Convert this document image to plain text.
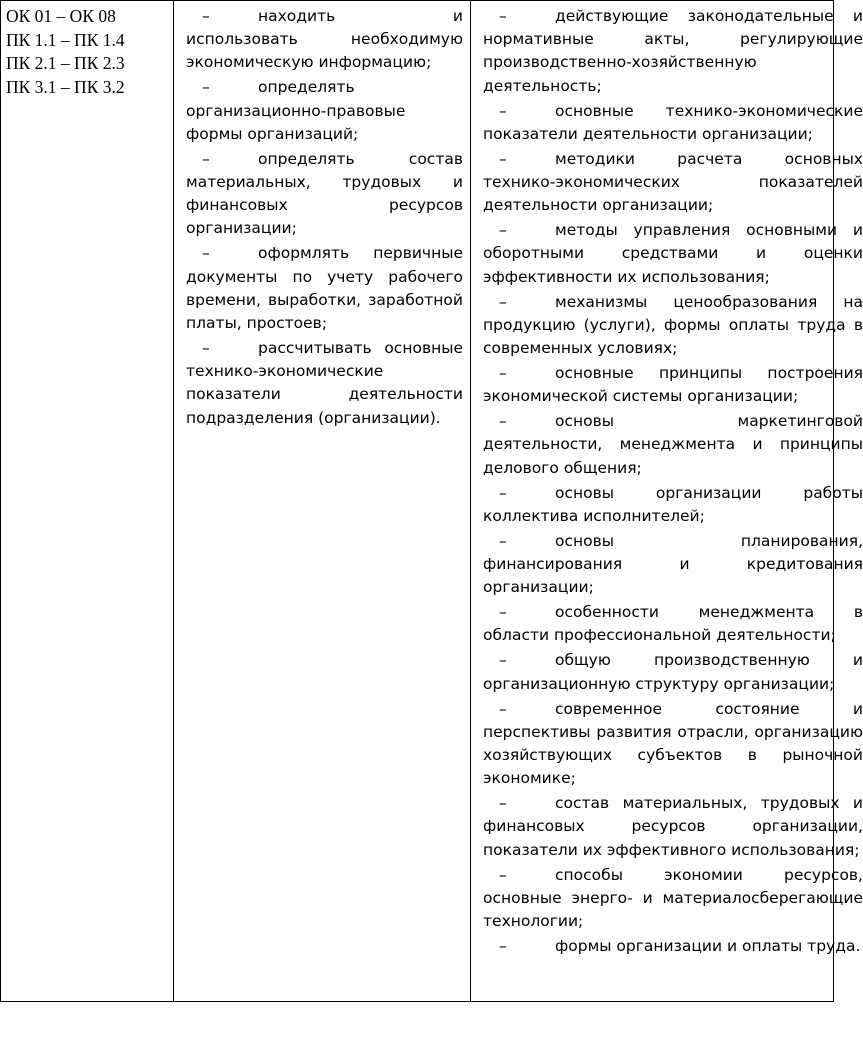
ОК 01 – ОК 08
ПК 1.1 – ПК 1.4
ПК 2.1 – ПК 2.3
ПК 3.1 – ПК 3.2

–	находить и использовать необходимую экономическую информацию;
–	определять организационно-правовые формы организаций;
–	определять состав материальных, трудовых и финансовых ресурсов организации;
–	оформлять первичные документы по учету рабочего времени, выработки, заработной платы, простоев;
–	рассчитывать основные технико-экономические показатели деятельности подразделения (организации).

–	действующие законодательные и нормативные акты, регулирующие производственно-хозяйственную деятельность;
–	основные технико-экономические показатели деятельности организации;
–	методики расчета основных технико-экономических показателей деятельности организации;
–	методы управления основными и оборотными средствами и оценки эффективности их использования;
–	механизмы ценообразования на продукцию (услуги), формы оплаты труда в современных условиях;
–	основные принципы построения экономической системы организации;
–	основы маркетинговой деятельности, менеджмента и принципы делового общения;
–	основы организации работы коллектива исполнителей;
–	основы планирования, финансирования и кредитования организации;
–	особенности менеджмента в области профессиональной деятельности;
–	общую производственную и организационную структуру организации;
–	современное состояние и перспективы развития отрасли, организацию хозяйствующих субъектов в рыночной экономике;
–	состав материальных, трудовых и финансовых ресурсов организации, показатели их эффективного использования;
–	способы экономии ресурсов, основные энерго- и материалосберегающие технологии;
–	формы организации и оплаты труда.
